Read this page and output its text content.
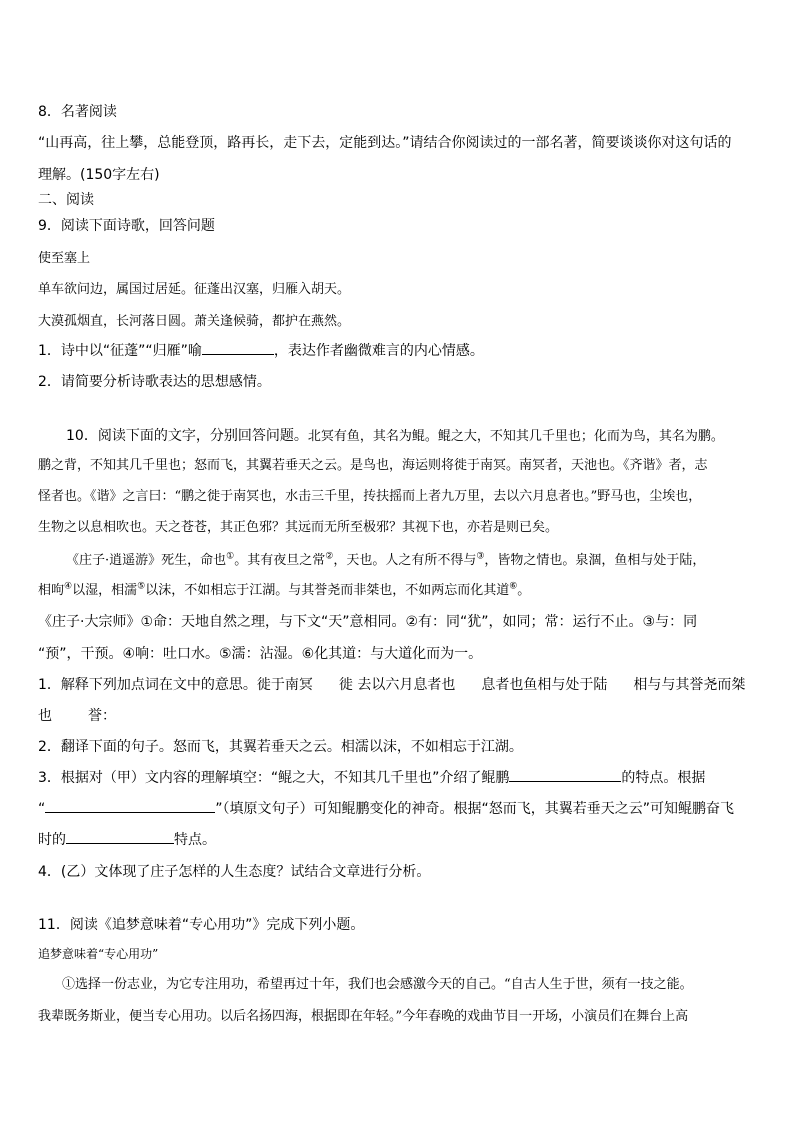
8．名著阅读
“山再高，往上攀，总能登顶，路再长，走下去，定能到达。”请结合你阅读过的一部名著，简要谈谈你对这句话的
理解。(150字左右)
二、阅读
9．阅读下面诗歌，回答问题
使至塞上
单车欲问边，属国过居延。征蓬出汉塞，归雁入胡天。
大漠孤烟直，长河落日圆。萧关逢候骑，都护在燕然。
1．诗中以“征蓬”“归雁”喻	，表达作者幽微难言的内心情感。
2．请简要分析诗歌表达的思想感情。
10．阅读下面的文字，分别回答问题。北冥有鱼，其名为鲲。鲲之大，不知其几千里也；化而为鸟，其名为鹏。
鹏之背，不知其几千里也；怒而飞，其翼若垂天之云。是鸟也，海运则将徙于南冥。南冥者，天池也。《齐谐》者，志
怪者也。《谐》之言曰：“鹏之徙于南冥也，水击三千里，抟扶摇而上者九万里，去以六月息者也。”野马也，尘埃也，
生物之以息相吹也。天之苍苍，其正色邪？其远而无所至极邪？其视下也，亦若是则已矣。
《庄子·逍遥游》死生，命也①。其有夜旦之常②，天也。人之有所不得与③，皆物之情也。泉涸，鱼相与处于陆，
相呴④以湿，相濡⑤以沫，不如相忘于江湖。与其誉尧而非桀也，不如两忘而化其道⑥。
《庄子·大宗师》①命：天地自然之理，与下文“天”意相同。②有：同“犹”，如同；常：运行不止。③与：同
“预”，干预。④响：吐口水。⑤濡：沾湿。⑥化其道：与大道化而为一。
1．解释下列加点词在文中的意思。徙于南冥 徙 去以六月息者也 息者也鱼相与处于陆 相与与其誉尧而桀
也	誉：
2．翻译下面的句子。怒而飞，其翼若垂天之云。相濡以沫，不如相忘于江湖。
3．根据对（甲）文内容的理解填空：“鲲之大，不知其几千里也”介绍了鲲鹏	的特点。根据
“	”（填原文句子）可知鲲鹏变化的神奇。根据“怒而飞，其翼若垂天之云”可知鲲鹏奋飞
时的	特点。
4．(乙）文体现了庄子怎样的人生态度？试结合文章进行分析。
11．阅读《追梦意味着“专心用功”》完成下列小题。
追梦意味着“专心用功”
①选择一份志业，为它专注用功，希望再过十年，我们也会感激今天的自己。“自古人生于世，须有一技之能。
我辈既务斯业，便当专心用功。以后名扬四海，根据即在年轻。”今年春晚的戏曲节目一开场，小演员们在舞台上高
